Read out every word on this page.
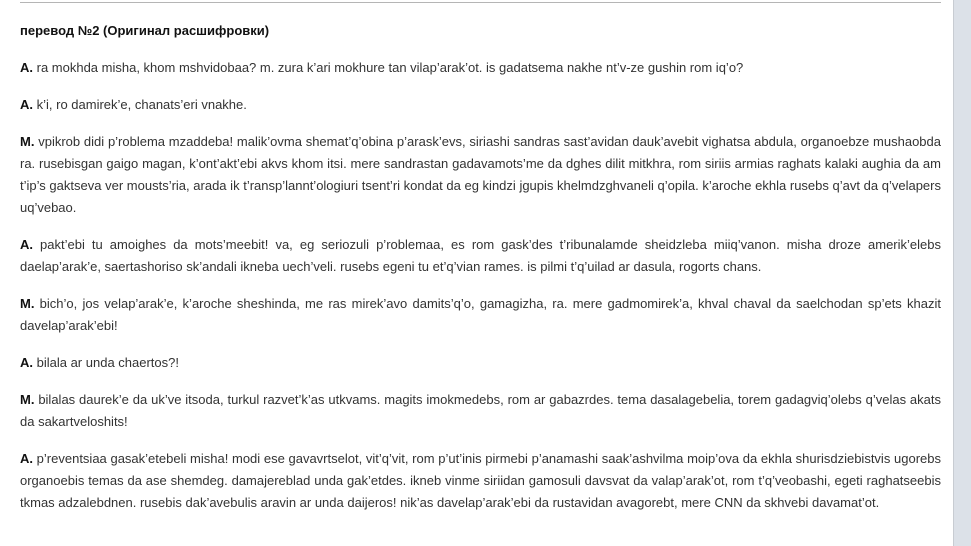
перевод №2 (Оригинал расшифровки)

A. ra mokhda misha, khom mshvidobaa? m. zura k’ari mokhure tan vilap’arak’ot. is gadatsema nakhe nt’v-ze gushin rom iq’o?

A. k’i, ro damirek’e, chanats’eri vnakhe.

M. vpikrob didi p’roblema mzaddeba! malik’ovma shemat’q’obina p’arask’evs, siriashi sandras sast’avidan dauk’avebit vighatsa abdula, organoebze mushaobda ra. rusebisgan gaigo magan, k’ont’akt’ebi akvs khom itsi. mere sandrastan gadavamots’me da dghes dilit mitkhra, rom siriis armias raghats kalaki aughia da am t’ip’s gaktseva ver mousts’ria, arada ik t’ransp’lannt’ologiuri tsent’ri kondat da eg kindzi jgupis khelmdzghvaneli q’opila. k’aroche ekhla rusebs q’avt da q’velapers uq’vebao.

A. pakt’ebi tu amoighes da mots’meebit! va, eg seriozuli p’roblemaa, es rom gask’des t’ribunalamde sheidzleba miiq’vanon. misha droze amerik’elebs daelap’arak’e, saertashoriso sk’andali ikneba uech’veli. rusebs egeni tu et’q’vian rames. is pilmi t’q’uilad ar dasula, rogorts chans.

M. bich’o, jos velap’arak’e, k’aroche sheshinda, me ras mirek’avo damits’q’o, gamagizha, ra. mere gadmomirek’a, khval chaval da saelchodan sp’ets khazit davelap’arak’ebi!

A. bilala ar unda chaertos?!

M. bilalas daurek’e da uk’ve itsoda, turkul razvet’k’as utkvams. magits imokmedebs, rom ar gabazrdes. tema dasalagebelia, torem gadagviq’olebs q’velas akats da sakartveloshits!

A. p’reventsiaa gasak’etebeli misha! modi ese gavavrtselot, vit’q’vit, rom p’ut’inis pirmebi p’anamashi saak’ashvilma moip’ova da ekhla shurisdziebistvis ugorebs organoebis temas da ase shemdeg. damajereblad unda gak’etdes. ikneb vinme siriidan gamosuli davsvat da valap’arak’ot, rom t’q’veobashi, egeti raghatseebis tkmas adzalebdnen. rusebis dak’avebulis aravin ar unda daijeros! nik’as davelap’arak’ebi da rustavidan avagorebt, mere CNN da skhvebi davamat’ot.
